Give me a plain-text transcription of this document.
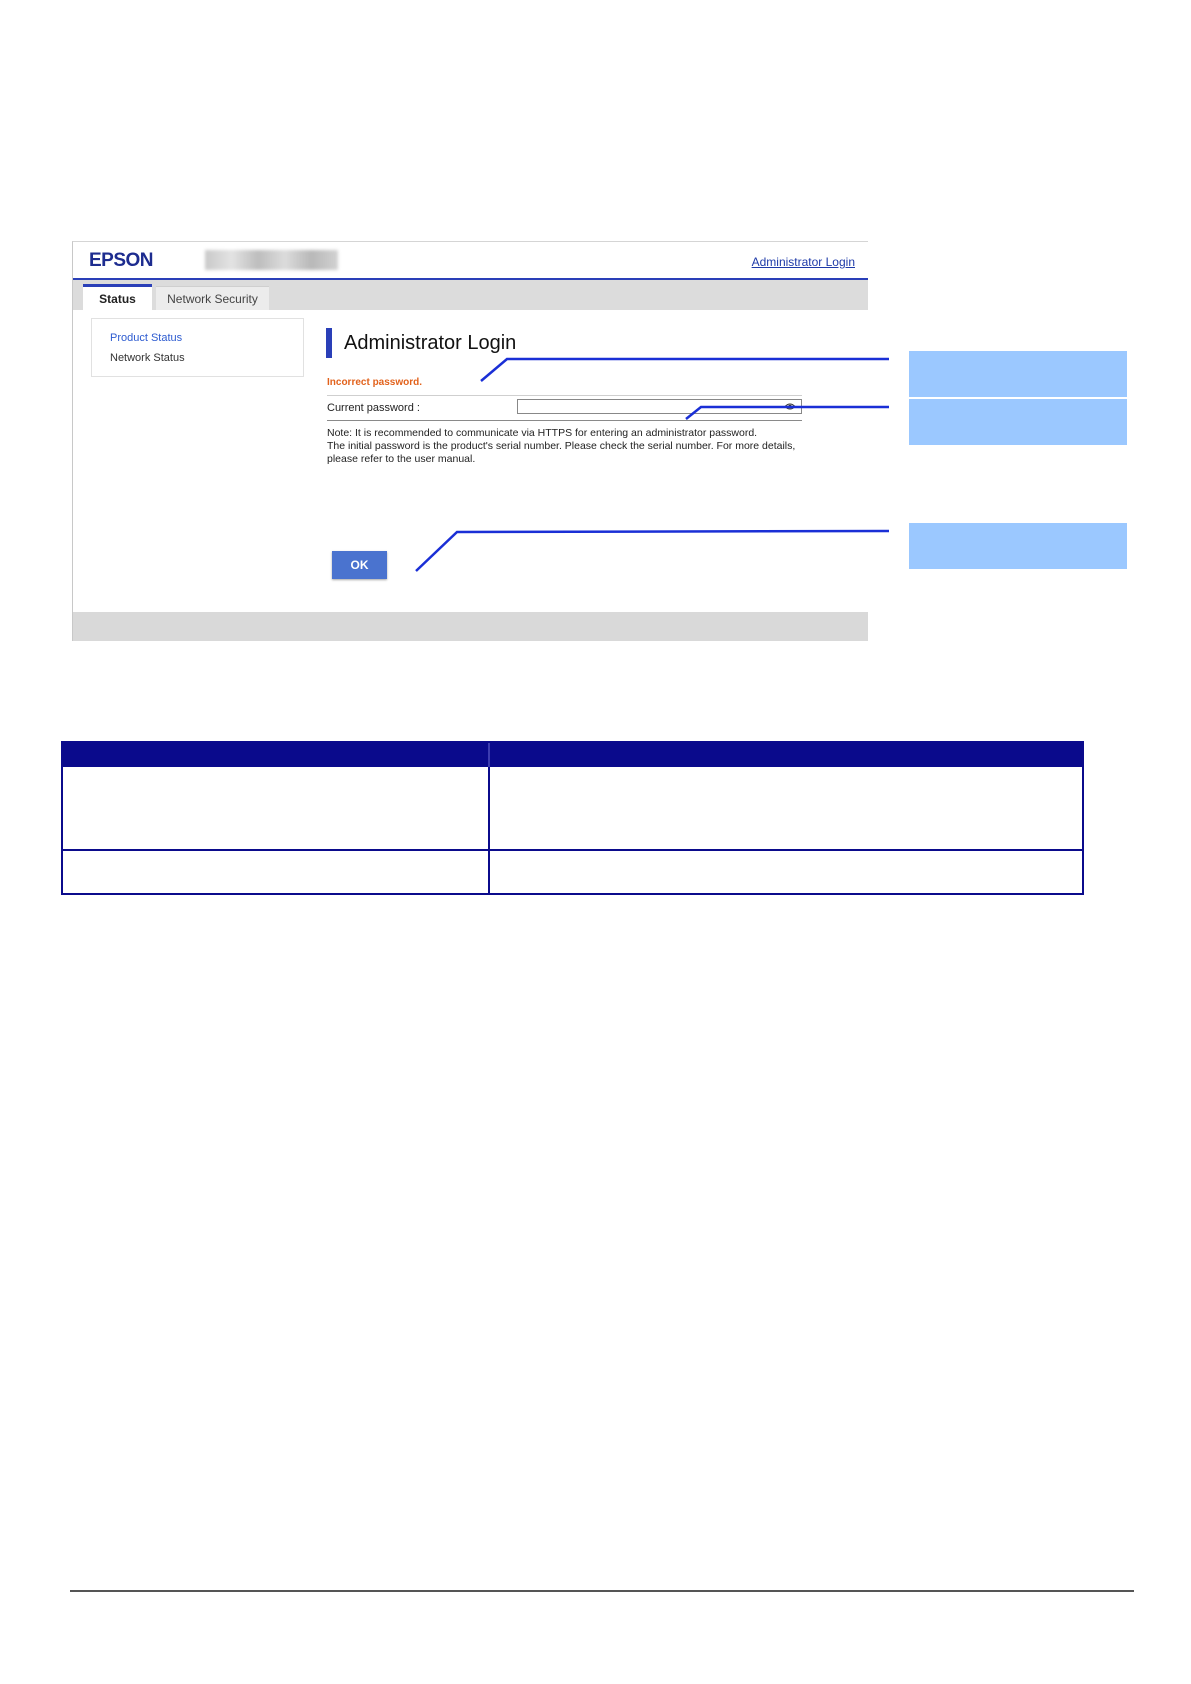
EPSON	Administrator Login
Status	Network Security
Product Status
Network Status
Administrator Login
Incorrect password.
Current password :
Note: It is recommended to communicate via HTTPS for entering an administrator password.
The initial password is the product's serial number. Please check the serial number. For more details,
please refer to the user manual.
OK
